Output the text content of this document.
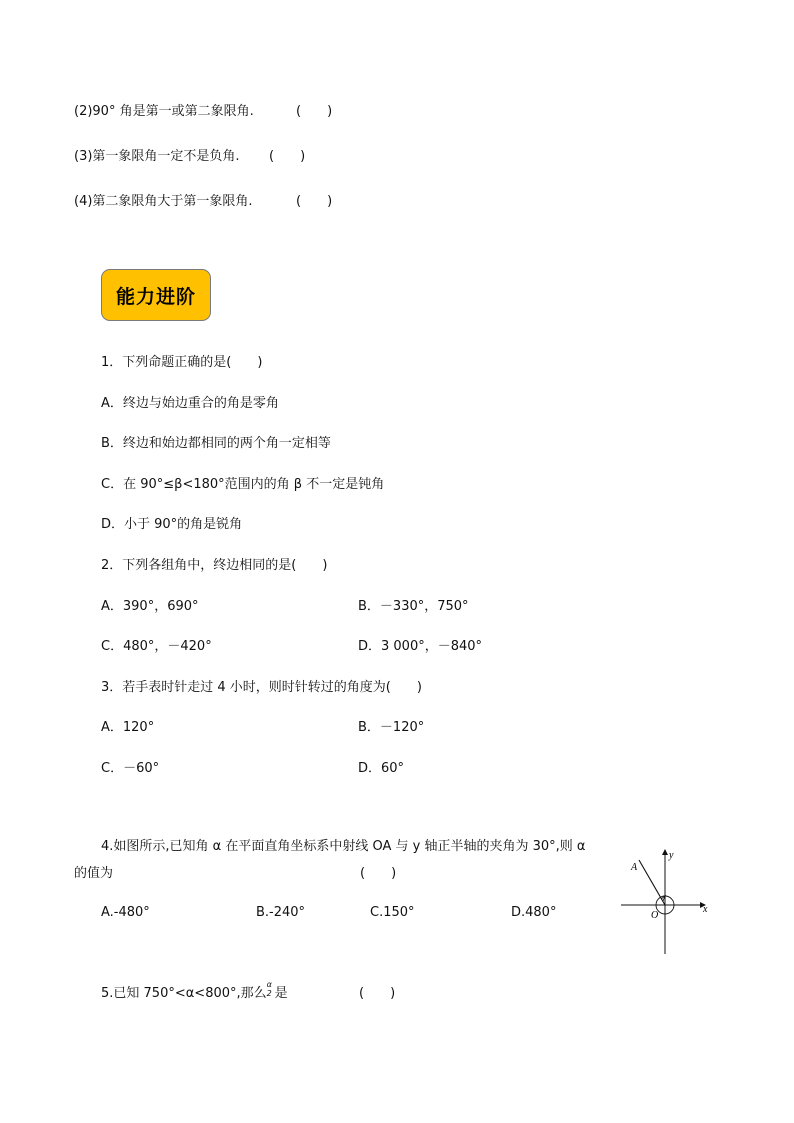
(2)90° 角是第一或第二象限角.	(　　)
(3)第一象限角一定不是负角. (　　)
(4)第二象限角大于第一象限角.	(　　)
能力进阶
1．下列命题正确的是(　　)
A．终边与始边重合的角是零角
B．终边和始边都相同的两个角一定相等
C．在 90°≤β<180°范围内的角 β 不一定是钝角
D．小于 90°的角是锐角
2．下列各组角中，终边相同的是(　　)
A．390°，690°	B．－330°，750°
C．480°，－420°	D．3 000°，－840°
3．若手表时针走过 4 小时，则时针转过的角度为(　　)
A．120°	B．－120°
C．－60°	D．60°
4.如图所示,已知角 α 在平面直角坐标系中射线 OA 与 y 轴正半轴的夹角为 30°,则 α
的值为	(　　)
A.-480°	B.-240°	C.150°	D.480°
y
x
A
O
5.已知 750°<α<800°,那么
α
2 是	(　　)
